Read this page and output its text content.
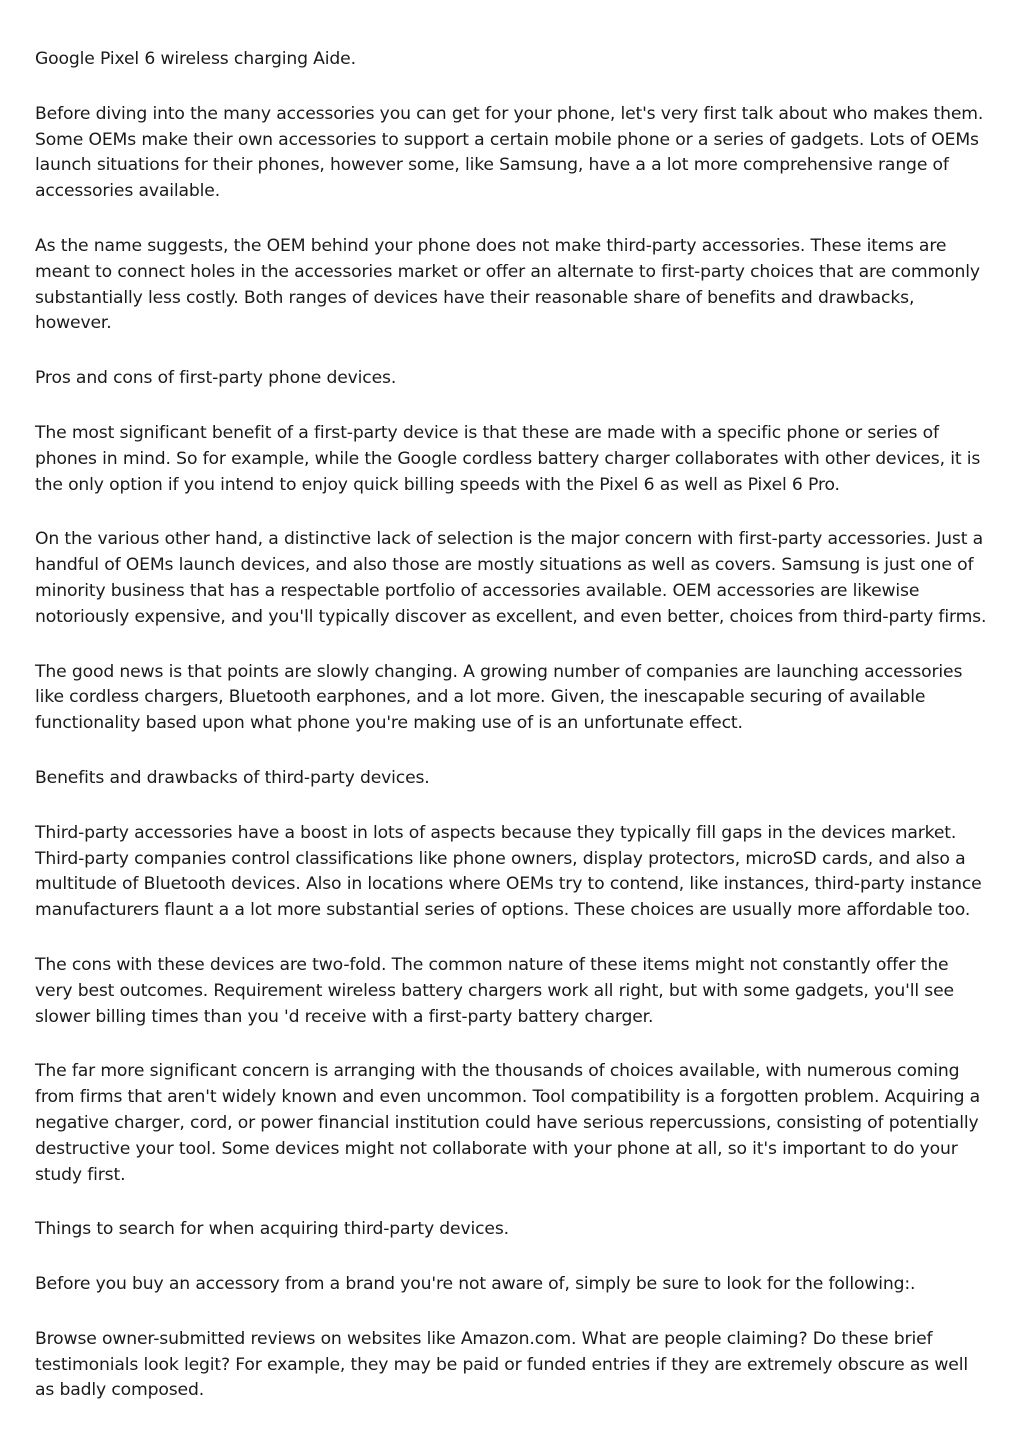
Google Pixel 6 wireless charging Aide.

Before diving into the many accessories you can get for your phone, let's very first talk about who makes them. Some OEMs make their own accessories to support a certain mobile phone or a series of gadgets. Lots of OEMs launch situations for their phones, however some, like Samsung, have a a lot more comprehensive range of accessories available.

As the name suggests, the OEM behind your phone does not make third-party accessories. These items are meant to connect holes in the accessories market or offer an alternate to first-party choices that are commonly substantially less costly. Both ranges of devices have their reasonable share of benefits and drawbacks, however.

Pros and cons of first-party phone devices.

The most significant benefit of a first-party device is that these are made with a specific phone or series of phones in mind. So for example, while the Google cordless battery charger collaborates with other devices, it is the only option if you intend to enjoy quick billing speeds with the Pixel 6 as well as Pixel 6 Pro.

On the various other hand, a distinctive lack of selection is the major concern with first-party accessories. Just a handful of OEMs launch devices, and also those are mostly situations as well as covers. Samsung is just one of minority business that has a respectable portfolio of accessories available. OEM accessories are likewise notoriously expensive, and you'll typically discover as excellent, and even better, choices from third-party firms.

The good news is that points are slowly changing. A growing number of companies are launching accessories like cordless chargers, Bluetooth earphones, and a lot more. Given, the inescapable securing of available functionality based upon what phone you're making use of is an unfortunate effect.

Benefits and drawbacks of third-party devices.

Third-party accessories have a boost in lots of aspects because they typically fill gaps in the devices market. Third-party companies control classifications like phone owners, display protectors, microSD cards, and also a multitude of Bluetooth devices. Also in locations where OEMs try to contend, like instances, third-party instance manufacturers flaunt a a lot more substantial series of options. These choices are usually more affordable too.

The cons with these devices are two-fold. The common nature of these items might not constantly offer the very best outcomes. Requirement wireless battery chargers work all right, but with some gadgets, you'll see slower billing times than you 'd receive with a first-party battery charger.

The far more significant concern is arranging with the thousands of choices available, with numerous coming from firms that aren't widely known and even uncommon. Tool compatibility is a forgotten problem. Acquiring a negative charger, cord, or power financial institution could have serious repercussions, consisting of potentially destructive your tool. Some devices might not collaborate with your phone at all, so it's important to do your study first.

Things to search for when acquiring third-party devices.

Before you buy an accessory from a brand you're not aware of, simply be sure to look for the following:.

Browse owner-submitted reviews on websites like Amazon.com. What are people claiming? Do these brief testimonials look legit? For example, they may be paid or funded entries if they are extremely obscure as well as badly composed.
